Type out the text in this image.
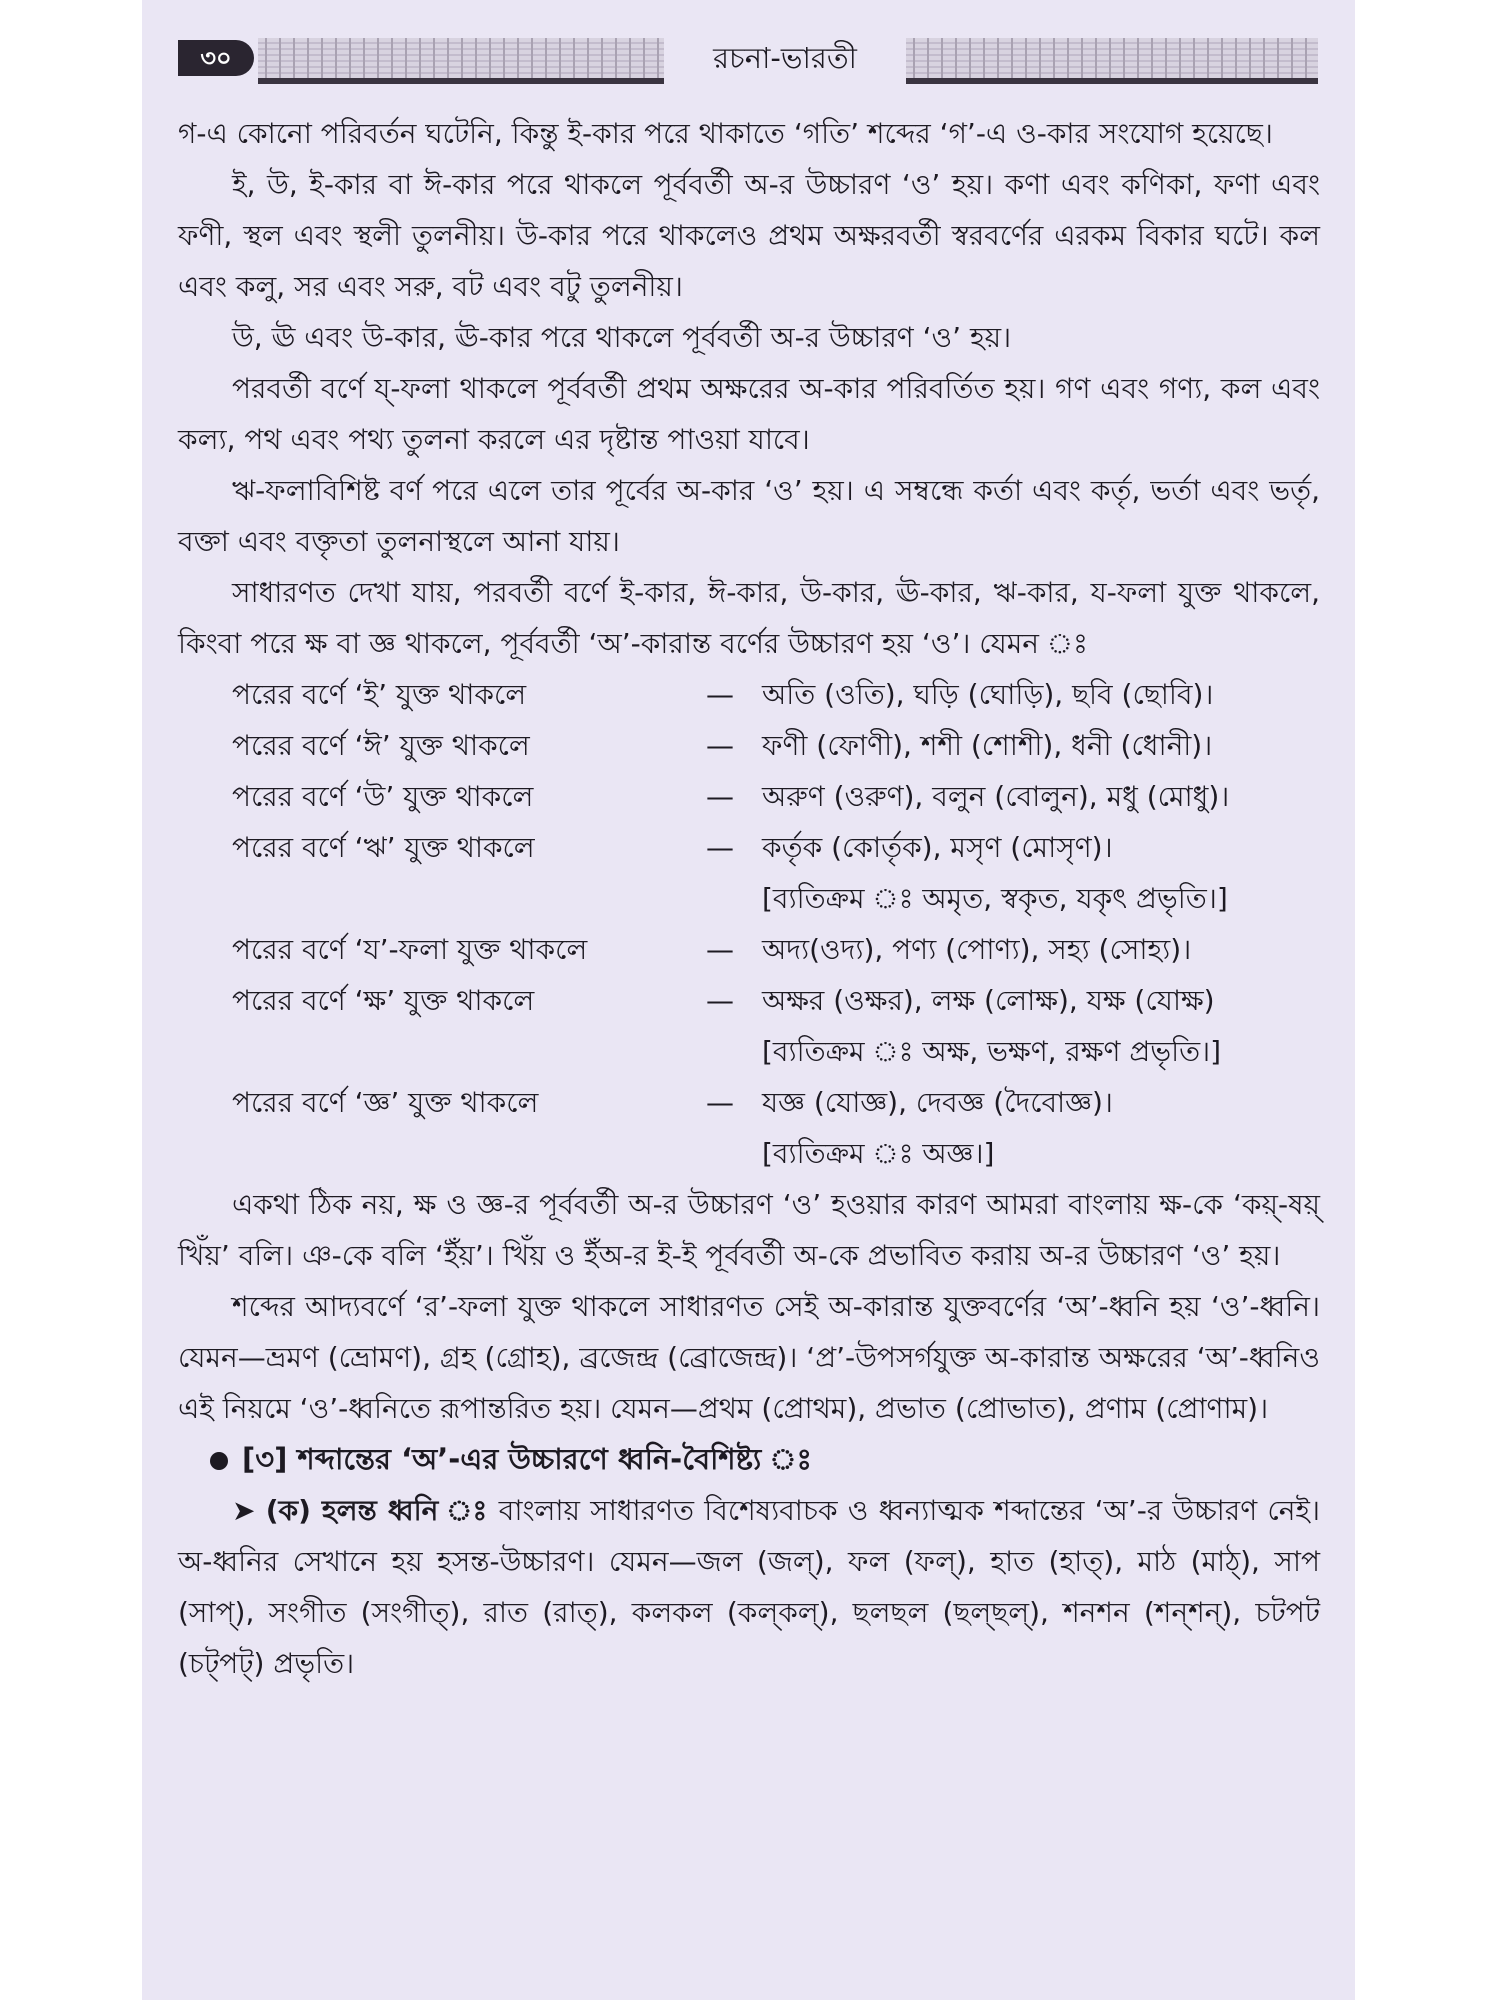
৩০	রচনা-ভারতী

গ-এ কোনো পরিবর্তন ঘটেনি, কিন্তু ই-কার পরে থাকাতে ‘গতি’ শব্দের ‘গ’-এ ও-কার সংযোগ হয়েছে।

ই, উ, ই-কার বা ঈ-কার পরে থাকলে পূর্ববর্তী অ-র উচ্চারণ ‘ও’ হয়। কণা এবং কণিকা, ফণা এবং ফণী, স্থল এবং স্থলী তুলনীয়। উ-কার পরে থাকলেও প্রথম অক্ষরবর্তী স্বরবর্ণের এরকম বিকার ঘটে। কল এবং কলু, সর এবং সরু, বট এবং বটু তুলনীয়।

উ, ঊ এবং উ-কার, ঊ-কার পরে থাকলে পূর্ববর্তী অ-র উচ্চারণ ‘ও’ হয়।

পরবর্তী বর্ণে য্-ফলা থাকলে পূর্ববর্তী প্রথম অক্ষরের অ-কার পরিবর্তিত হয়। গণ এবং গণ্য, কল এবং কল্য, পথ এবং পথ্য তুলনা করলে এর দৃষ্টান্ত পাওয়া যাবে।

ঋ-ফলাবিশিষ্ট বর্ণ পরে এলে তার পূর্বের অ-কার ‘ও’ হয়। এ সম্বন্ধে কর্তা এবং কর্তৃ, ভর্তা এবং ভর্তৃ, বক্তা এবং বক্তৃতা তুলনাস্থলে আনা যায়।

সাধারণত দেখা যায়, পরবর্তী বর্ণে ই-কার, ঈ-কার, উ-কার, ঊ-কার, ঋ-কার, য-ফলা যুক্ত থাকলে, কিংবা পরে ক্ষ বা জ্ঞ থাকলে, পূর্ববর্তী ‘অ’-কারান্ত বর্ণের উচ্চারণ হয় ‘ও’। যেমন ঃ

পরের বর্ণে ‘ই’ যুক্ত থাকলে	—	অতি (ওতি), ঘড়ি (ঘোড়ি), ছবি (ছোবি)।
পরের বর্ণে ‘ঈ’ যুক্ত থাকলে	—	ফণী (ফোণী), শশী (শোশী), ধনী (ধোনী)।
পরের বর্ণে ‘উ’ যুক্ত থাকলে	—	অরুণ (ওরুণ), বলুন (বোলুন), মধু (মোধু)।
পরের বর্ণে ‘ঋ’ যুক্ত থাকলে	—	কর্তৃক (কোর্তৃক), মসৃণ (মোসৃণ)।
[ব্যতিক্রম ঃ অমৃত, স্বকৃত, যকৃৎ প্রভৃতি।]
পরের বর্ণে ‘য’-ফলা যুক্ত থাকলে	—	অদ্য(ওদ্য), পণ্য (পোণ্য), সহ্য (সোহ্য)।
পরের বর্ণে ‘ক্ষ’ যুক্ত থাকলে	—	অক্ষর (ওক্ষর), লক্ষ (লোক্ষ), যক্ষ (যোক্ষ)
[ব্যতিক্রম ঃ অক্ষ, ভক্ষণ, রক্ষণ প্রভৃতি।]
পরের বর্ণে ‘জ্ঞ’ যুক্ত থাকলে	—	যজ্ঞ (যোজ্ঞ), দেবজ্ঞ (দৈবোজ্ঞ)।
[ব্যতিক্রম ঃ অজ্ঞ।]

একথা ঠিক নয়, ক্ষ ও জ্ঞ-র পূর্ববর্তী অ-র উচ্চারণ ‘ও’ হওয়ার কারণ আমরা বাংলায় ক্ষ-কে ‘কয়্-ষয়্ খিঁয়’ বলি। ঞ-কে বলি ‘ইঁয়’। খিঁয় ও ইঁঅ-র ই-ই পূর্ববর্তী অ-কে প্রভাবিত করায় অ-র উচ্চারণ ‘ও’ হয়।

শব্দের আদ্যবর্ণে ‘র’-ফলা যুক্ত থাকলে সাধারণত সেই অ-কারান্ত যুক্তবর্ণের ‘অ’-ধ্বনি হয় ‘ও’-ধ্বনি। যেমন—ভ্রমণ (ভ্রোমণ), গ্রহ (গ্রোহ), ব্রজেন্দ্র (ব্রোজেন্দ্র)। ‘প্র’-উপসর্গযুক্ত অ-কারান্ত অক্ষরের ‘অ’-ধ্বনিও এই নিয়মে ‘ও’-ধ্বনিতে রূপান্তরিত হয়। যেমন—প্রথম (প্রোথম), প্রভাত (প্রোভাত), প্রণাম (প্রোণাম)।

[৩] শব্দান্তের ‘অ’-এর উচ্চারণে ধ্বনি-বৈশিষ্ট্য ঃ

➤ (ক) হলন্ত ধ্বনি ঃ বাংলায় সাধারণত বিশেষ্যবাচক ও ধ্বন্যাত্মক শব্দান্তের ‘অ’-র উচ্চারণ নেই। অ-ধ্বনির সেখানে হয় হসন্ত-উচ্চারণ। যেমন—জল (জল্), ফল (ফল্), হাত (হাত্), মাঠ (মাঠ্), সাপ (সাপ্), সংগীত (সংগীত্), রাত (রাত্), কলকল (কল্‌কল্), ছলছল (ছল্‌ছল্), শনশন (শন্‌শন্), চটপট (চট্‌পট্) প্রভৃতি।
